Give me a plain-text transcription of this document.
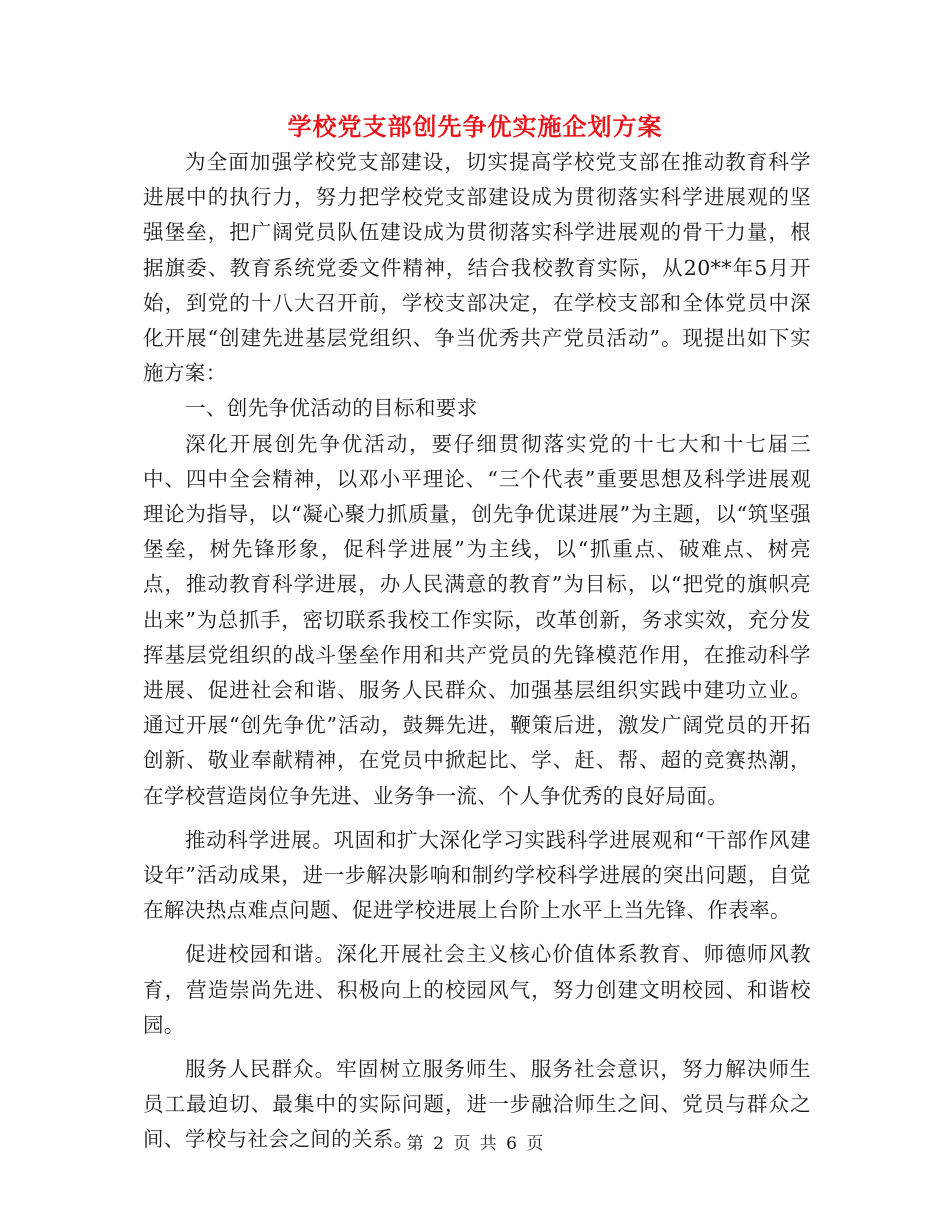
学校党支部创先争优实施企划方案

为全面加强学校党支部建设，切实提高学校党支部在推动教育科学进展中的执行力，努力把学校党支部建设成为贯彻落实科学进展观的坚强堡垒，把广阔党员队伍建设成为贯彻落实科学进展观的骨干力量，根据旗委、教育系统党委文件精神，结合我校教育实际，从20**年5月开始，到党的十八大召开前，学校支部决定，在学校支部和全体党员中深化开展“创建先进基层党组织、争当优秀共产党员活动”。现提出如下实施方案：

一、创先争优活动的目标和要求

深化开展创先争优活动，要仔细贯彻落实党的十七大和十七届三中、四中全会精神，以邓小平理论、“三个代表”重要思想及科学进展观理论为指导，以“凝心聚力抓质量，创先争优谋进展”为主题，以“筑坚强堡垒，树先锋形象，促科学进展”为主线，以“抓重点、破难点、树亮点，推动教育科学进展，办人民满意的教育”为目标，以“把党的旗帜亮出来”为总抓手，密切联系我校工作实际，改革创新，务求实效，充分发挥基层党组织的战斗堡垒作用和共产党员的先锋模范作用，在推动科学进展、促进社会和谐、服务人民群众、加强基层组织实践中建功立业。通过开展“创先争优”活动，鼓舞先进，鞭策后进，激发广阔党员的开拓创新、敬业奉献精神，在党员中掀起比、学、赶、帮、超的竞赛热潮，在学校营造岗位争先进、业务争一流、个人争优秀的良好局面。

推动科学进展。巩固和扩大深化学习实践科学进展观和“干部作风建设年”活动成果，进一步解决影响和制约学校科学进展的突出问题，自觉在解决热点难点问题、促进学校进展上台阶上水平上当先锋、作表率。

促进校园和谐。深化开展社会主义核心价值体系教育、师德师风教育，营造崇尚先进、积极向上的校园风气，努力创建文明校园、和谐校园。

服务人民群众。牢固树立服务师生、服务社会意识，努力解决师生员工最迫切、最集中的实际问题，进一步融洽师生之间、党员与群众之间、学校与社会之间的关系。

第 2 页 共 6 页
